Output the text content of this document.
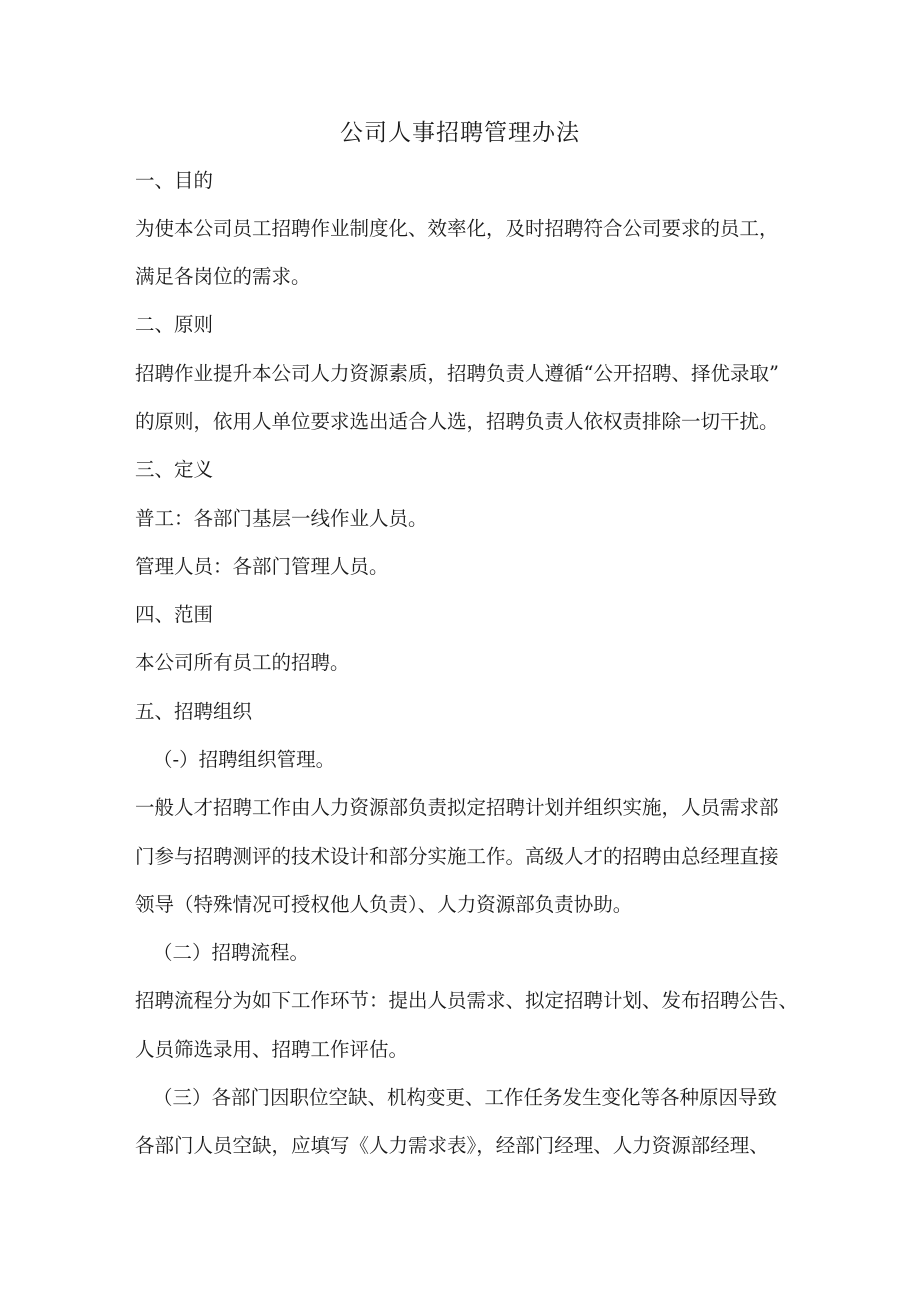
公司人事招聘管理办法

一、目的

为使本公司员工招聘作业制度化、效率化，及时招聘符合公司要求的员工，

满足各岗位的需求。

二、原则

招聘作业提升本公司人力资源素质，招聘负责人遵循“公开招聘、择优录取”

的原则，依用人单位要求选出适合人选，招聘负责人依权责排除一切干扰。

三、定义

普工：各部门基层一线作业人员。

管理人员：各部门管理人员。

四、范围

本公司所有员工的招聘。

五、招聘组织

（-）招聘组织管理。

一般人才招聘工作由人力资源部负责拟定招聘计划并组织实施，人员需求部

门参与招聘测评的技术设计和部分实施工作。高级人才的招聘由总经理直接

领导（特殊情况可授权他人负责）、人力资源部负责协助。

（二）招聘流程。

招聘流程分为如下工作环节：提出人员需求、拟定招聘计划、发布招聘公告、

人员筛选录用、招聘工作评估。

（三）各部门因职位空缺、机构变更、工作任务发生变化等各种原因导致

各部门人员空缺，应填写《人力需求表》，经部门经理、人力资源部经理、
